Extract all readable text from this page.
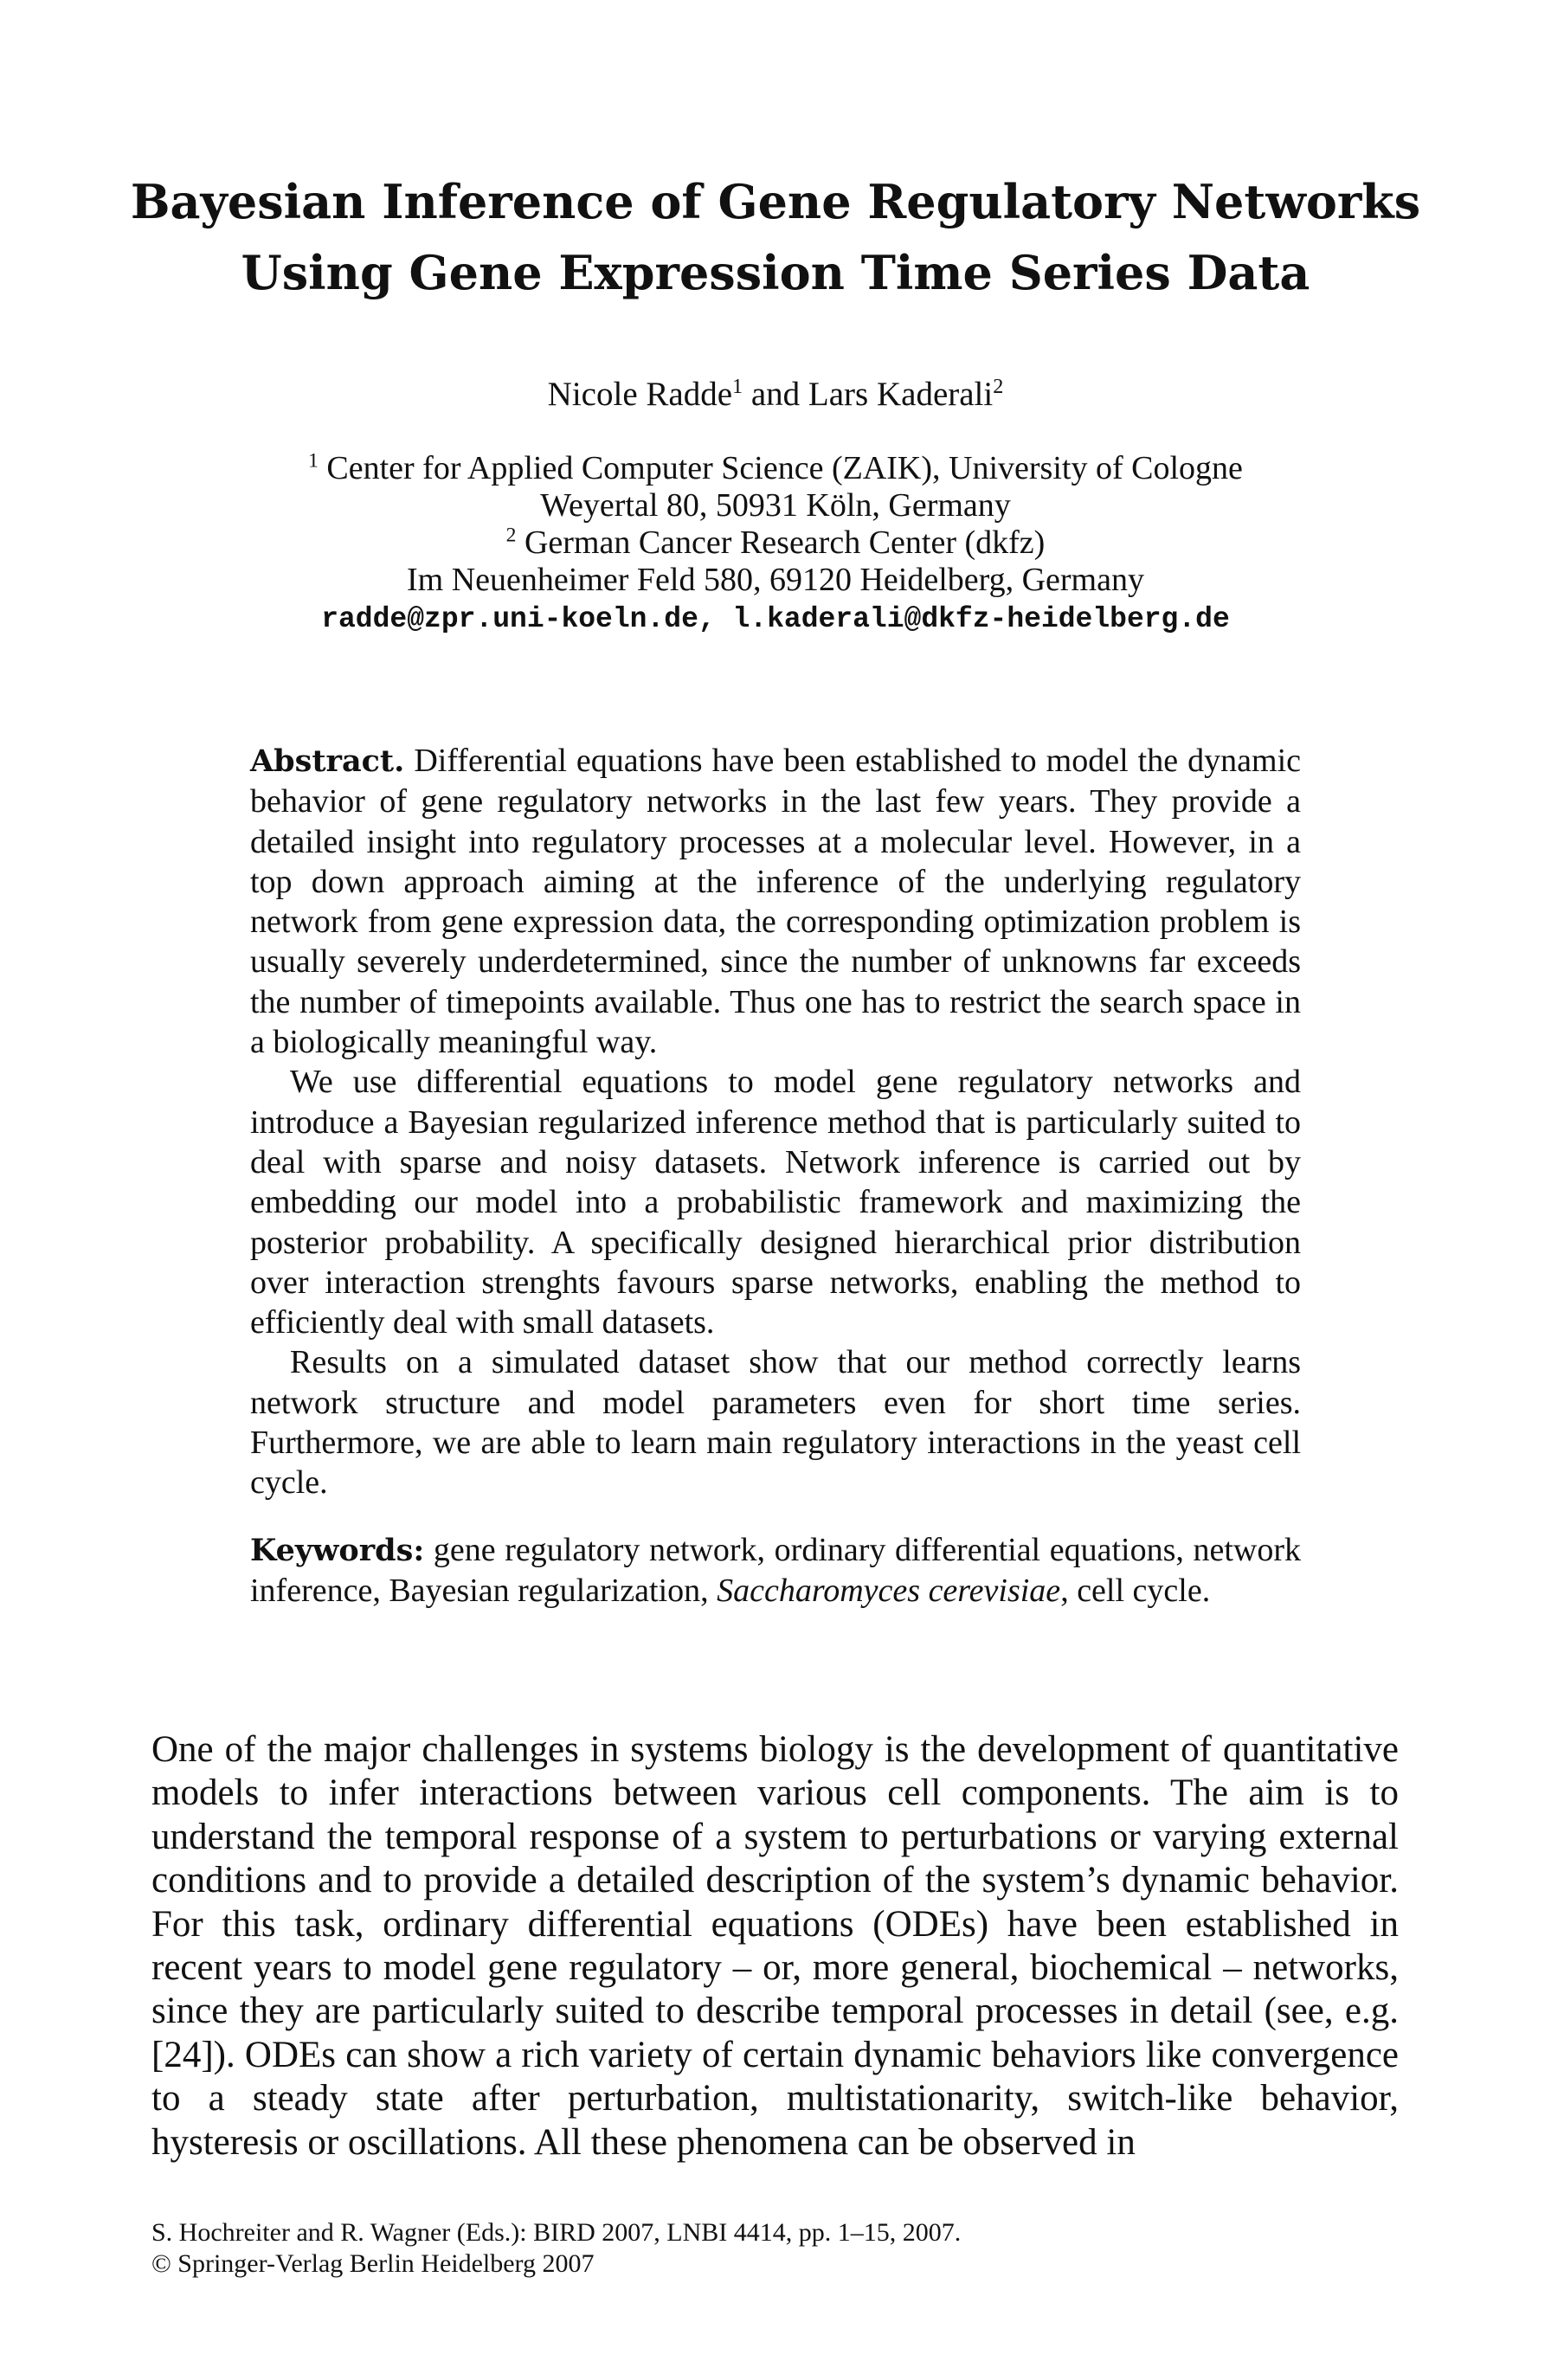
Bayesian Inference of Gene Regulatory Networks
Using Gene Expression Time Series Data
Nicole Radde$^1$ and Lars Kaderali$^2$
$^1$ Center for Applied Computer Science (ZAIK), University of Cologne
Weyertal 80, 50931 Köln, Germany
$^2$ German Cancer Research Center (dkfz)
Im Neuenheimer Feld 580, 69120 Heidelberg, Germany
radde@zpr.uni-koeln.de, l.kaderali@dkfz-heidelberg.de

Abstract. Differential equations have been established to model the dynamic behavior of gene regulatory networks in the last few years. They provide a detailed insight into regulatory processes at a molecular level. However, in a top down approach aiming at the inference of the underlying regulatory network from gene expression data, the corresponding optimization problem is usually severely underdetermined, since the number of unknowns far exceeds the number of timepoints available. Thus one has to restrict the search space in a biologically meaningful way.

We use differential equations to model gene regulatory networks and introduce a Bayesian regularized inference method that is particularly suited to deal with sparse and noisy datasets. Network inference is carried out by embedding our model into a probabilistic framework and maximizing the posterior probability. A specifically designed hierarchical prior distribution over interaction strenghts favours sparse networks, enabling the method to efficiently deal with small datasets.

Results on a simulated dataset show that our method correctly learns network structure and model parameters even for short time series. Furthermore, we are able to learn main regulatory interactions in the yeast cell cycle.

Keywords: gene regulatory network, ordinary differential equations, network inference, Bayesian regularization, Saccharomyces cerevisiae, cell cycle.

One of the major challenges in systems biology is the development of quantitative models to infer interactions between various cell components. The aim is to understand the temporal response of a system to perturbations or varying external conditions and to provide a detailed description of the system’s dynamic behavior. For this task, ordinary differential equations (ODEs) have been established in recent years to model gene regulatory – or, more general, biochemical – networks, since they are particularly suited to describe temporal processes in detail (see, e.g. [24]). ODEs can show a rich variety of certain dynamic behaviors like convergence to a steady state after perturbation, multistationarity, switch-like behavior, hysteresis or oscillations. All these phenomena can be observed in

S. Hochreiter and R. Wagner (Eds.): BIRD 2007, LNBI 4414, pp. 1–15, 2007.
© Springer-Verlag Berlin Heidelberg 2007
